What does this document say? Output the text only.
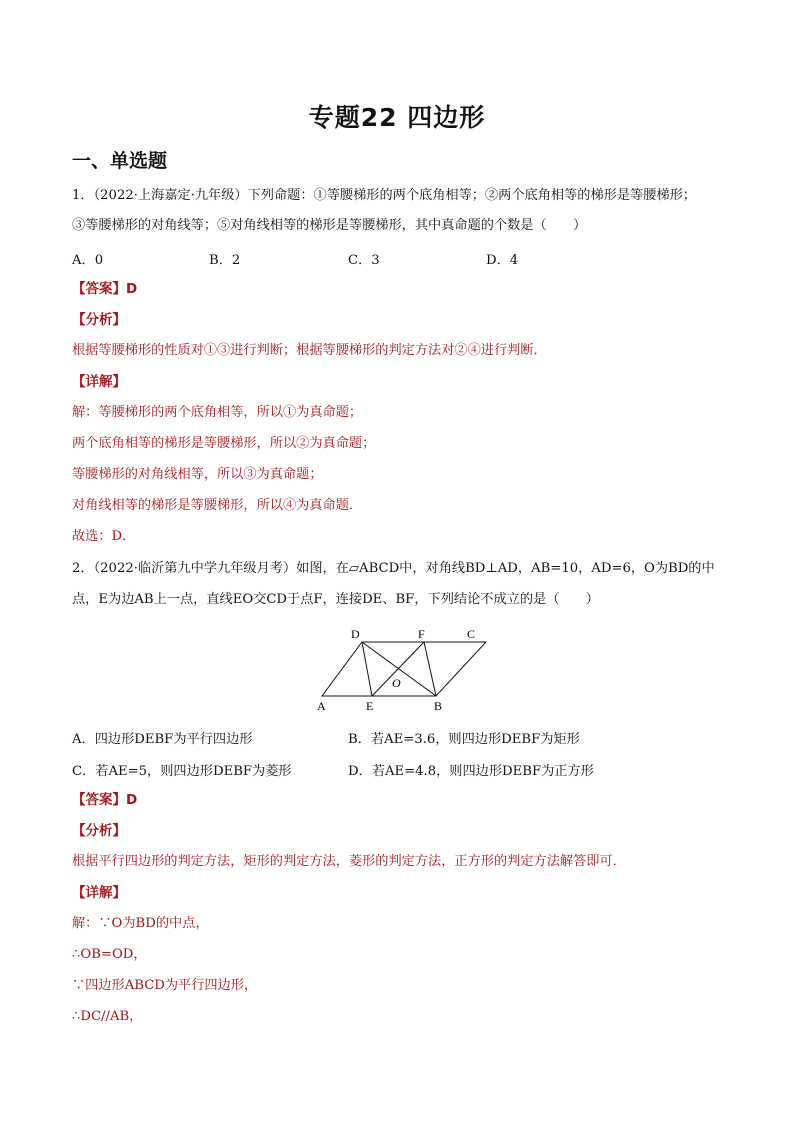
专题22 四边形
一、单选题
1．（2022·上海嘉定·九年级）下列命题：①等腰梯形的两个底角相等；②两个底角相等的梯形是等腰梯形；
③等腰梯形的对角线等；⑤对角线相等的梯形是等腰梯形，其中真命题的个数是（　　）
A．0	B．2	C．3	D．4
【答案】D
【分析】
根据等腰梯形的性质对①③进行判断；根据等腰梯形的判定方法对②④进行判断．
【详解】
解：等腰梯形的两个底角相等，所以①为真命题；
两个底角相等的梯形是等腰梯形，所以②为真命题；
等腰梯形的对角线相等，所以③为真命题；
对角线相等的梯形是等腰梯形，所以④为真命题．
故选：D．
2．（2022·临沂第九中学九年级月考）如图，在▱ABCD中，对角线BD⊥AD，AB=10，AD=6，O为BD的中
点，E为边AB上一点，直线EO交CD于点F，连接DE、BF，下列结论不成立的是（　　）
D	F	C
O
A	E	B
A．四边形DEBF为平行四边形	B．若AE=3.6，则四边形DEBF为矩形
C．若AE=5，则四边形DEBF为菱形	D．若AE=4.8，则四边形DEBF为正方形
【答案】D
【分析】
根据平行四边形的判定方法，矩形的判定方法，菱形的判定方法，正方形的判定方法解答即可．
【详解】
解：∵O为BD的中点，
∴OB=OD，
∵四边形ABCD为平行四边形，
∴DC//AB，
